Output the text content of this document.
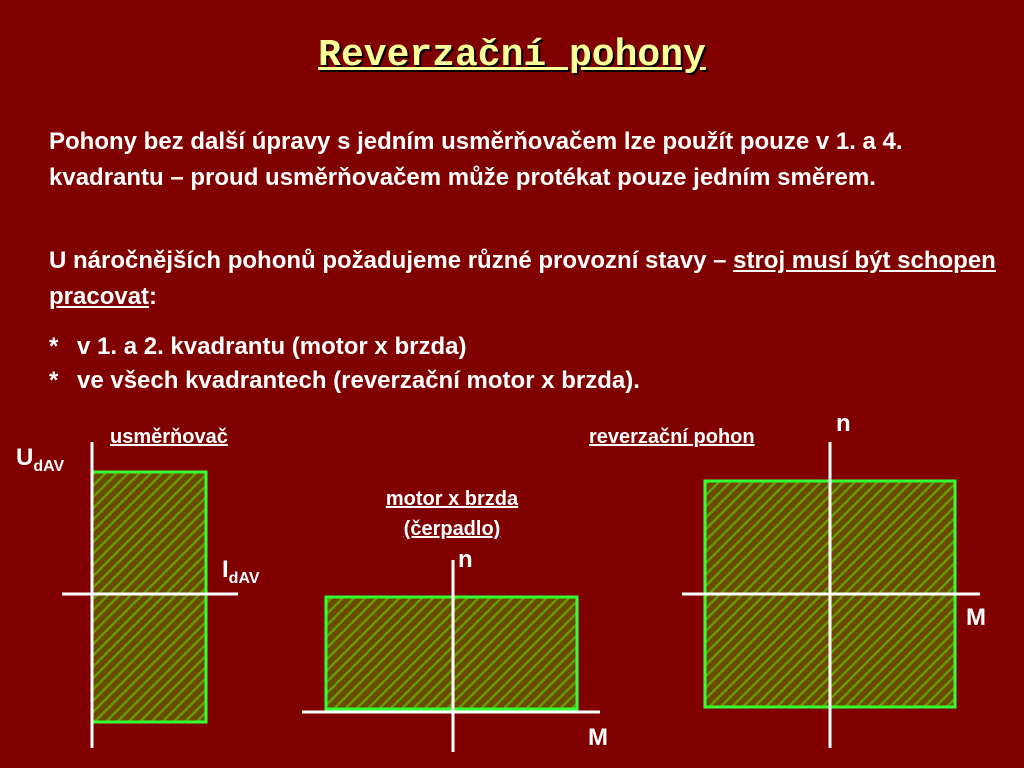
Reverzační pohony
Pohony bez další úpravy s jedním usměrňovačem lze použít pouze v 1. a 4. kvadrantu – proud usměrňovačem může protékat pouze jedním směrem.
U náročnějších pohonů požadujeme různé provozní stavy – stroj musí být schopen pracovat:
* v 1. a 2. kvadrantu (motor x brzda)
* ve všech kvadrantech (reverzační motor x brzda).
usměrňovač
$U_{dAV}$
$I_{dAV}$
motor x brzda
(čerpadlo)
n
M
reverzační pohon	n
M
